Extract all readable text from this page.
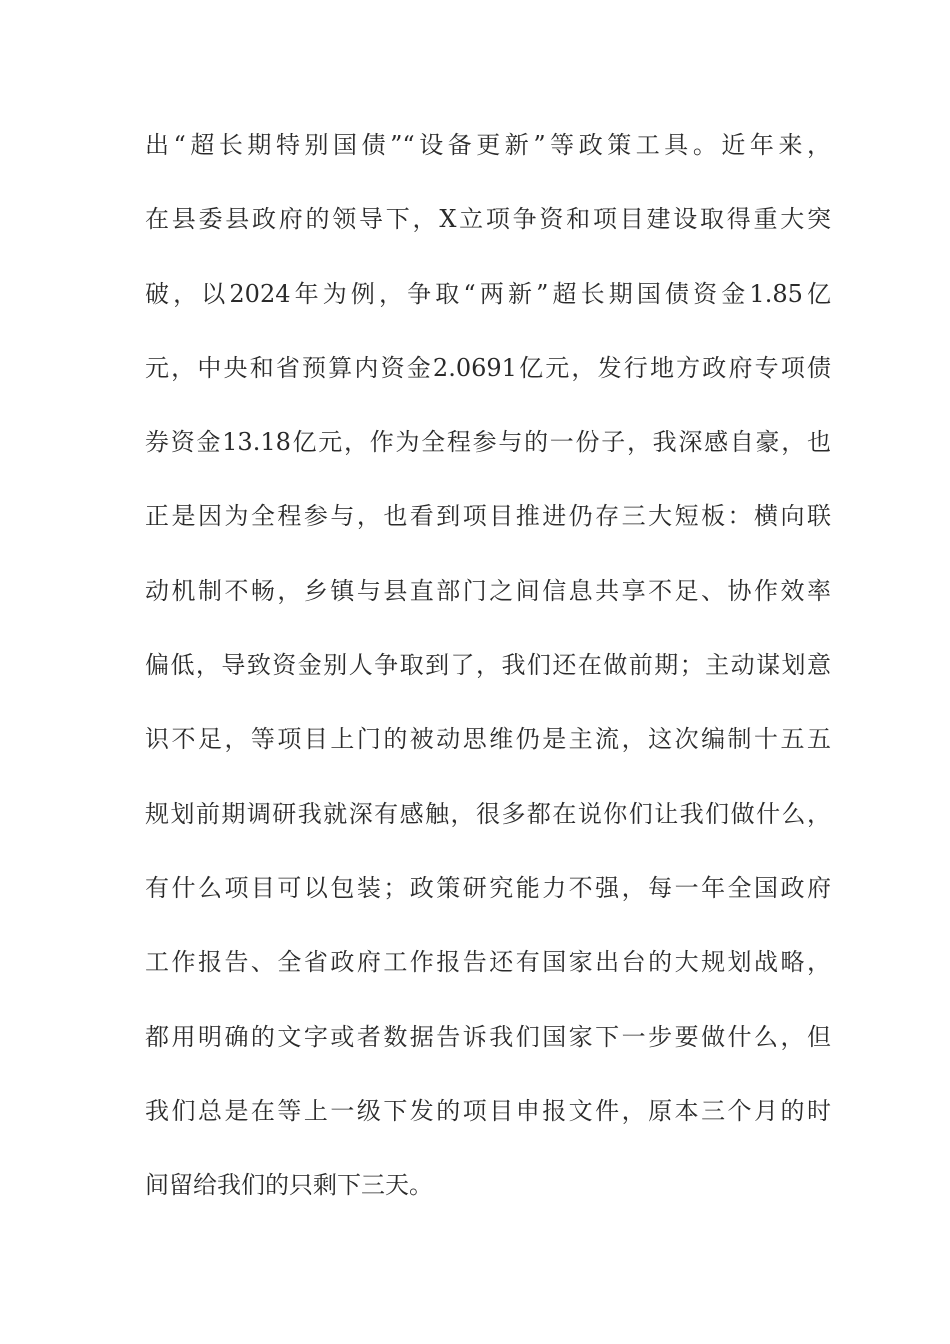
出“超长期特别国债”“设备更新”等政策工具。近年来，
在县委县政府的领导下，X立项争资和项目建设取得重大突
破，以2024年为例，争取“两新”超长期国债资金1.85亿
元，中央和省预算内资金2.0691亿元，发行地方政府专项债
券资金13.18亿元，作为全程参与的一份子，我深感自豪，也
正是因为全程参与，也看到项目推进仍存三大短板：横向联
动机制不畅，乡镇与县直部门之间信息共享不足、协作效率
偏低，导致资金别人争取到了，我们还在做前期；主动谋划意
识不足，等项目上门的被动思维仍是主流，这次编制十五五
规划前期调研我就深有感触，很多都在说你们让我们做什么，
有什么项目可以包装；政策研究能力不强，每一年全国政府
工作报告、全省政府工作报告还有国家出台的大规划战略，
都用明确的文字或者数据告诉我们国家下一步要做什么，但
我们总是在等上一级下发的项目申报文件，原本三个月的时
间留给我们的只剩下三天。
